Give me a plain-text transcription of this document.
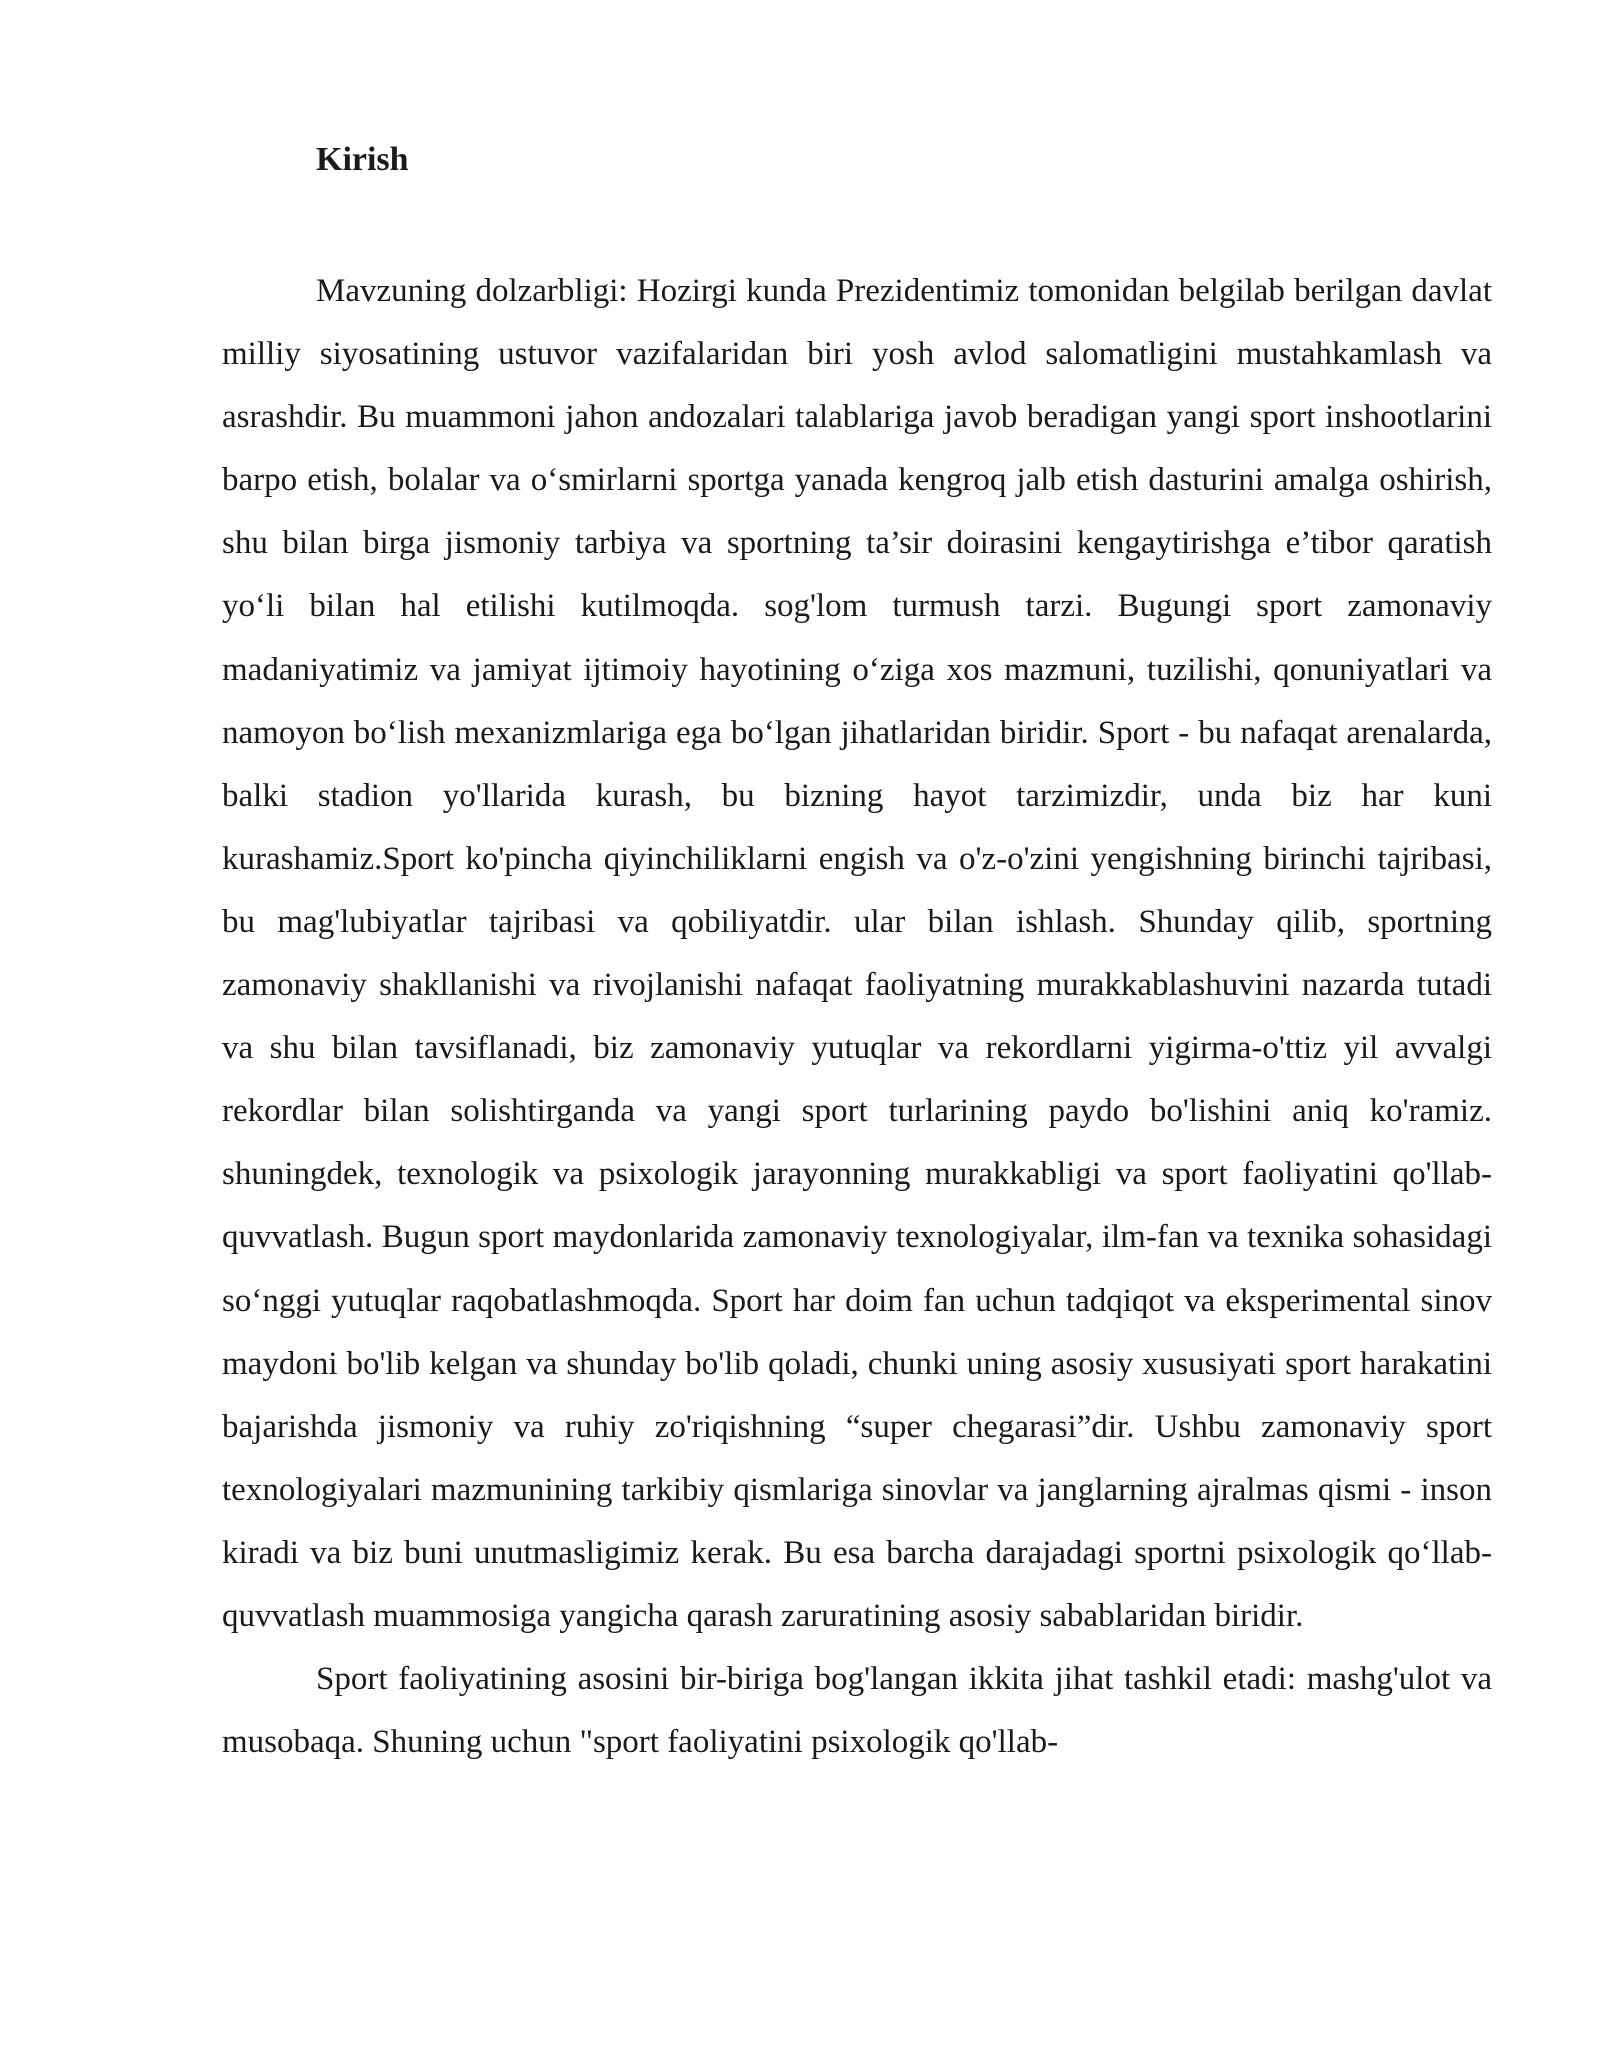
Kirish

Mavzuning dolzarbligi: Hozirgi kunda Prezidentimiz tomonidan belgilab berilgan davlat milliy siyosatining ustuvor vazifalaridan biri yosh avlod salomatligini mustahkamlash va asrashdir. Bu muammoni jahon andozalari talablariga javob beradigan yangi sport inshootlarini barpo etish, bolalar va o‘smirlarni sportga yanada kengroq jalb etish dasturini amalga oshirish, shu bilan birga jismoniy tarbiya va sportning ta’sir doirasini kengaytirishga e’tibor qaratish yo‘li bilan hal etilishi kutilmoqda. sog'lom turmush tarzi. Bugungi sport zamonaviy madaniyatimiz va jamiyat ijtimoiy hayotining o‘ziga xos mazmuni, tuzilishi, qonuniyatlari va namoyon bo‘lish mexanizmlariga ega bo‘lgan jihatlaridan biridir. Sport - bu nafaqat arenalarda, balki stadion yo'llarida kurash, bu bizning hayot tarzimizdir, unda biz har kuni kurashamiz.Sport ko'pincha qiyinchiliklarni engish va o'z-o'zini yengishning birinchi tajribasi, bu mag'lubiyatlar tajribasi va qobiliyatdir. ular bilan ishlash. Shunday qilib, sportning zamonaviy shakllanishi va rivojlanishi nafaqat faoliyatning murakkablashuvini nazarda tutadi va shu bilan tavsiflanadi, biz zamonaviy yutuqlar va rekordlarni yigirma-o'ttiz yil avvalgi rekordlar bilan solishtirganda va yangi sport turlarining paydo bo'lishini aniq ko'ramiz. shuningdek, texnologik va psixologik jarayonning murakkabligi va sport faoliyatini qo'llab-quvvatlash. Bugun sport maydonlarida zamonaviy texnologiyalar, ilm-fan va texnika sohasidagi so‘nggi yutuqlar raqobatlashmoqda. Sport har doim fan uchun tadqiqot va eksperimental sinov maydoni bo'lib kelgan va shunday bo'lib qoladi, chunki uning asosiy xususiyati sport harakatini bajarishda jismoniy va ruhiy zo'riqishning “super chegarasi”dir. Ushbu zamonaviy sport texnologiyalari mazmunining tarkibiy qismlariga sinovlar va janglarning ajralmas qismi - inson kiradi va biz buni unutmasligimiz kerak. Bu esa barcha darajadagi sportni psixologik qo‘llab-quvvatlash muammosiga yangicha qarash zaruratining asosiy sabablaridan biridir.

Sport faoliyatining asosini bir-biriga bog'langan ikkita jihat tashkil etadi: mashg'ulot va musobaqa. Shuning uchun "sport faoliyatini psixologik qo'llab-
